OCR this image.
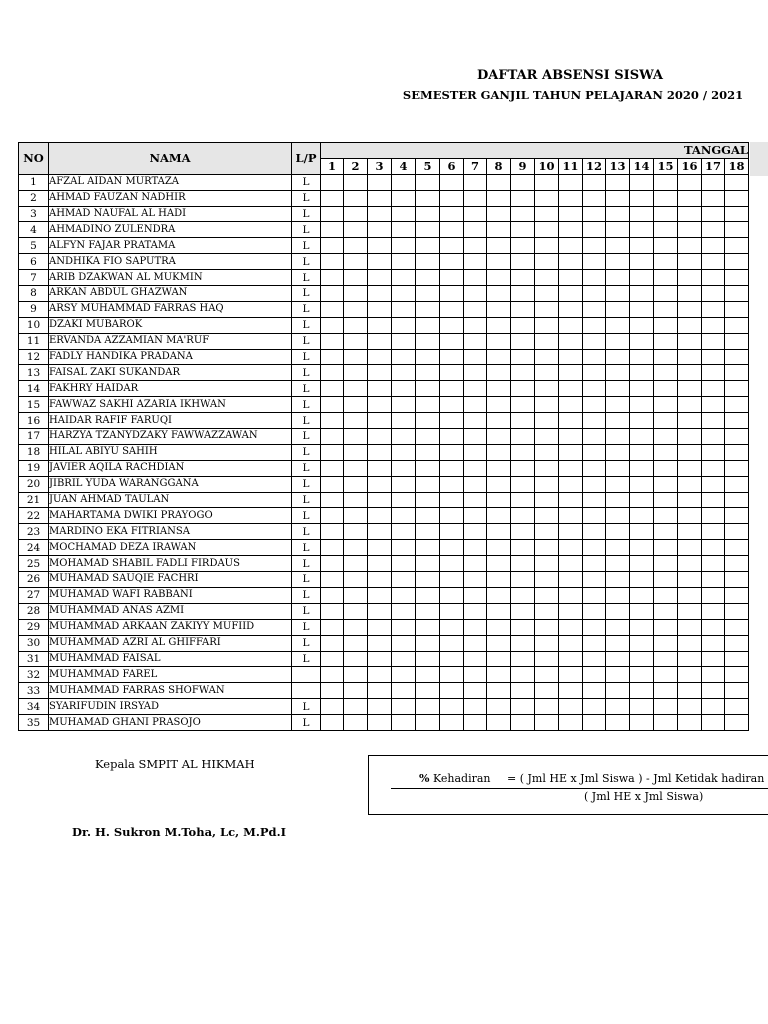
DAFTAR ABSENSI SISWA
SEMESTER GANJIL TAHUN PELAJARAN 2020 / 2021
NO	NAMA	L/P	TANGGAL																	
			1	2	3	4	5	6	7	8	9	10	11	12	13	14	15	16	17	18
1	AFZAL AIDAN MURTAZA	L																		
2	AHMAD FAUZAN NADHIR	L																		
3	AHMAD NAUFAL AL HADI	L																		
4	AHMADINO ZULENDRA	L																		
5	ALFYN FAJAR PRATAMA	L																		
6	ANDHIKA FIO SAPUTRA	L																		
7	ARIB DZAKWAN AL MUKMIN	L																		
8	ARKAN ABDUL GHAZWAN	L																		
9	ARSY MUHAMMAD FARRAS HAQ	L																		
10	DZAKI MUBAROK	L																		
11	ERVANDA AZZAMIAN MA'RUF	L																		
12	FADLY HANDIKA PRADANA	L																		
13	FAISAL ZAKI SUKANDAR	L																		
14	FAKHRY HAIDAR	L																		
15	FAWWAZ SAKHI AZARIA IKHWAN	L																		
16	HAIDAR RAFIF FARUQI	L																		
17	HARZYA TZANYDZAKY FAWWAZZAWAN	L																		
18	HILAL ABIYU SAHIH	L																		
19	JAVIER AQILA RACHDIAN	L																		
20	JIBRIL YUDA WARANGGANA	L																		
21	JUAN AHMAD TAULAN	L																		
22	MAHARTAMA DWIKI PRAYOGO	L																		
23	MARDINO EKA FITRIANSA	L																		
24	MOCHAMAD DEZA IRAWAN	L																		
25	MOHAMAD SHABIL FADLI FIRDAUS	L																		
26	MUHAMAD SAUQIE FACHRI	L																		
27	MUHAMAD WAFI RABBANI	L																		
28	MUHAMMAD ANAS AZMI	L																		
29	MUHAMMAD ARKAAN ZAKIYY MUFIID	L																		
30	MUHAMMAD AZRI AL GHIFFARI	L																		
31	MUHAMMAD FAISAL	L																		
32	MUHAMMAD FAREL																			
33	MUHAMMAD FARRAS SHOFWAN																			
34	SYARIFUDIN IRSYAD	L																		
35	MUHAMAD GHANI PRASOJO	L																		
Kepala SMPIT AL HIKMAH
Dr. H. Sukron M.Toha, Lc, M.Pd.I
% Kehadiran = ( Jml HE x Jml Siswa ) - Jml Ketidak hadiran
( Jml HE x Jml Siswa)
